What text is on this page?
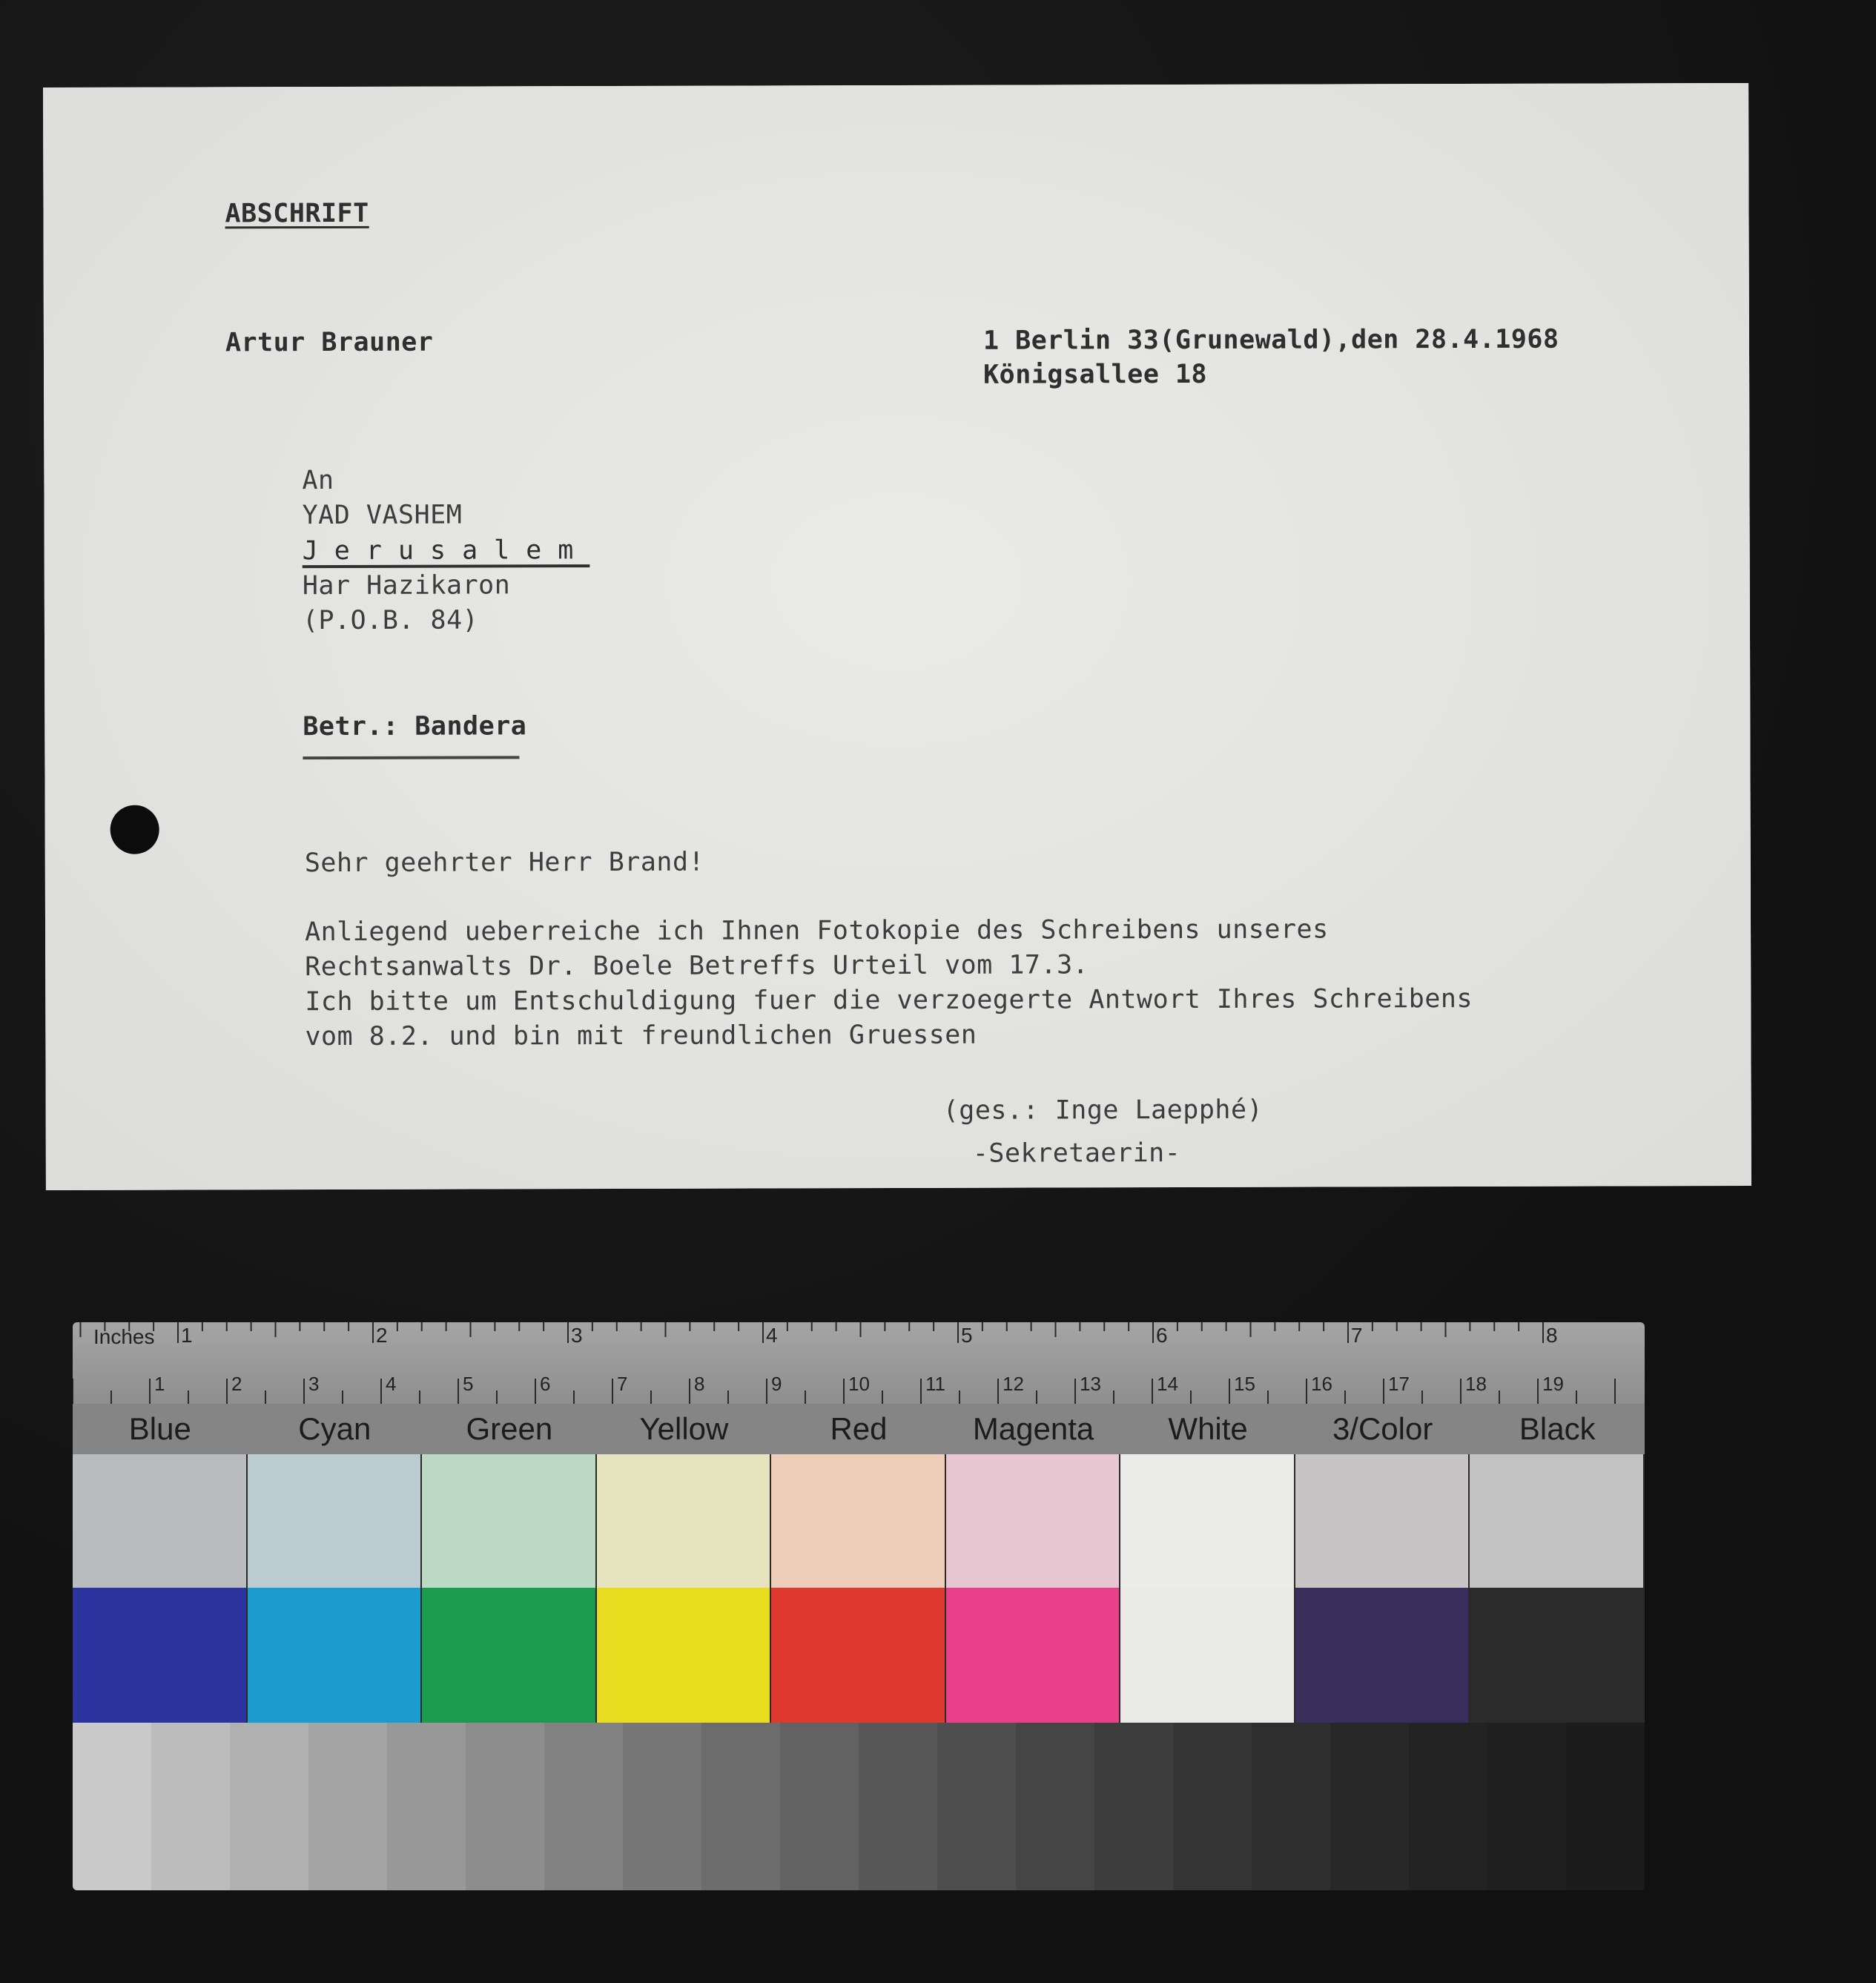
ABSCHRIFT
Artur Brauner	1 Berlin 33(Grunewald),den 28.4.1968
Königsallee 18
An
YAD VASHEM
Jerusalem
Har Hazikaron
(P.O.B. 84)
Betr.: Bandera
Sehr geehrter Herr Brand!
Anliegend ueberreiche ich Ihnen Fotokopie des Schreibens unseres
Rechtsanwalts Dr. Boele Betreffs Urteil vom 17.3.
Ich bitte um Entschuldigung fuer die verzoegerte Antwort Ihres Schreibens
vom 8.2. und bin mit freundlichen Gruessen
(ges.: Inge Laepphé)
-Sekretaerin-
Inches 1	2	3	4	5	6	7	8
1	2	3	4	5	6	7	8	9	10	11	12	13	14	15	16	17	18	19
Blue	Cyan	Green	Yellow	Red	Magenta	White	3/Color	Black
